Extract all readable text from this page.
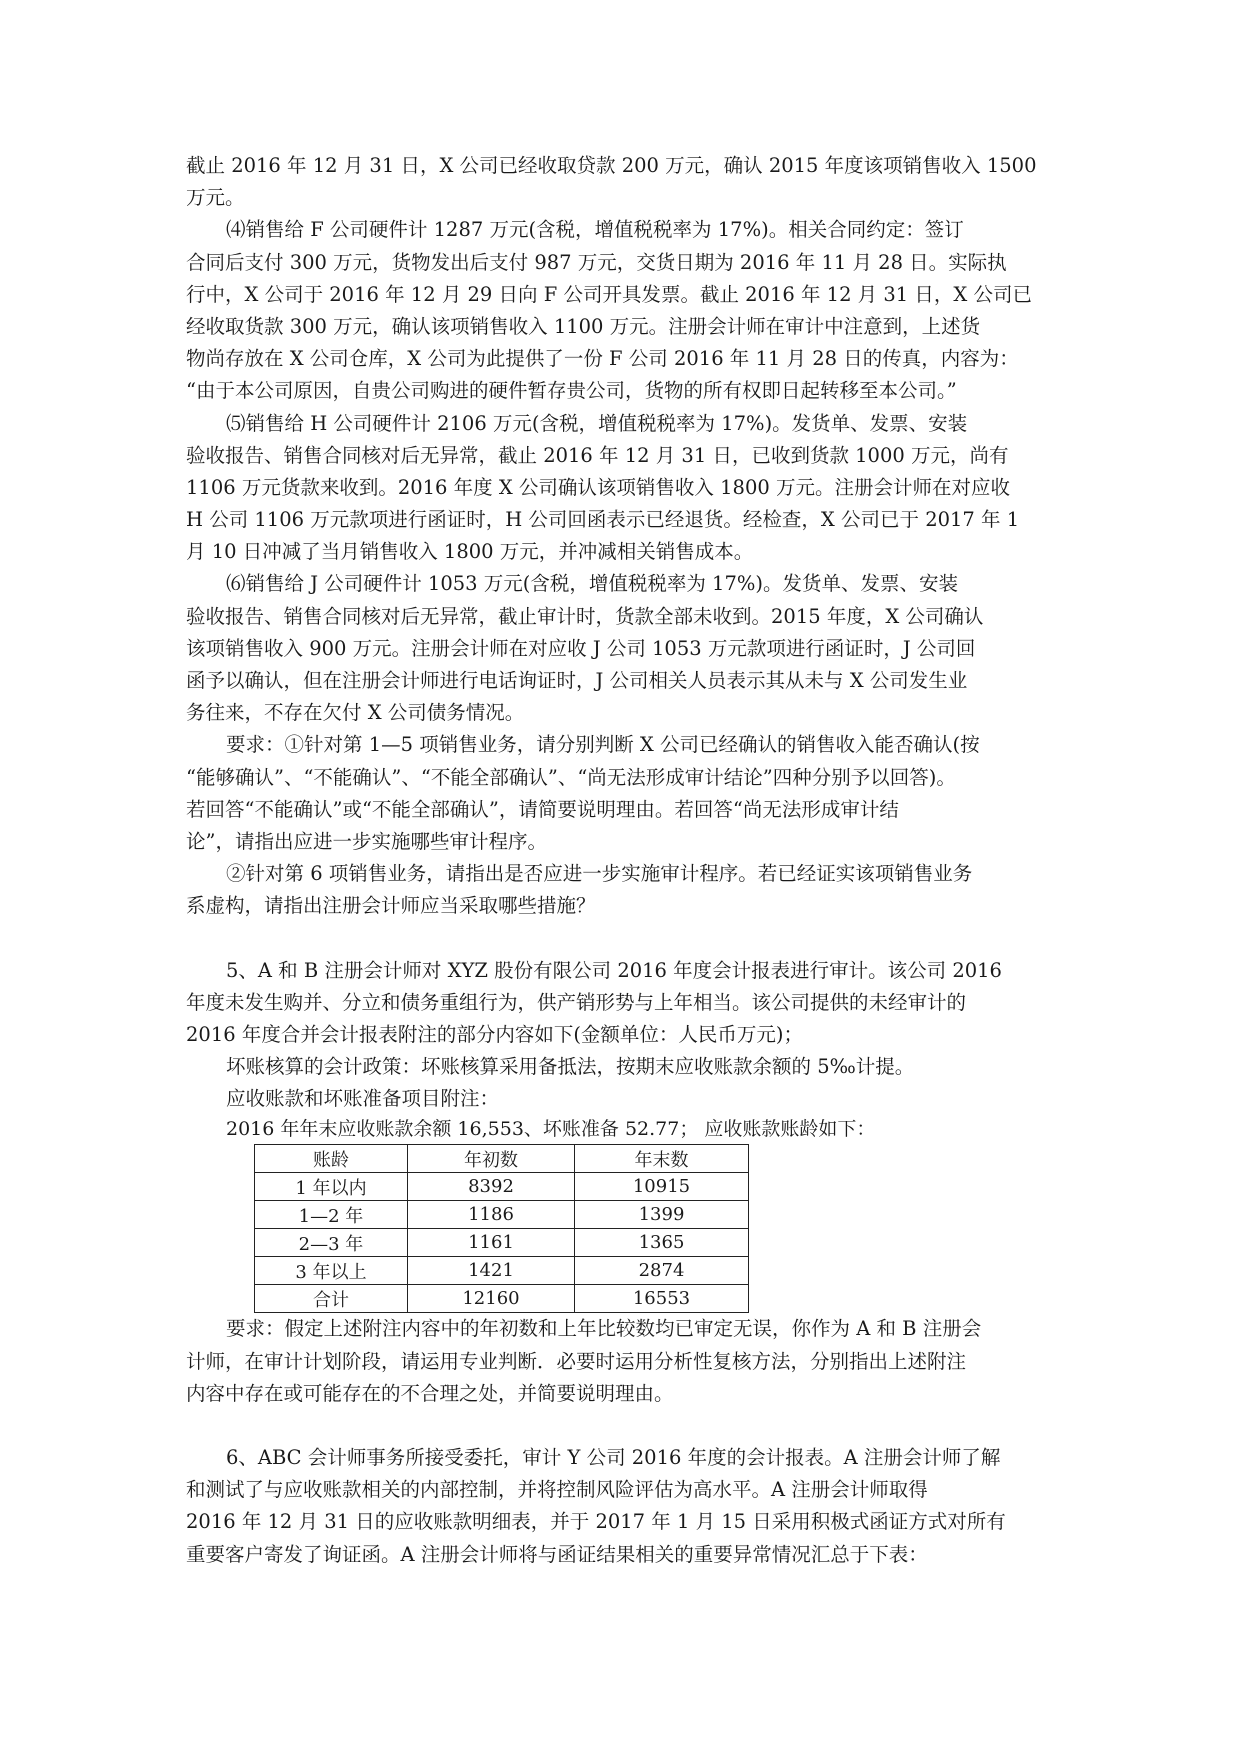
截止 2016 年 12 月 31 日，X 公司已经收取贷款 200 万元，确认 2015 年度该项销售收入 1500
万元。
⑷销售给 F 公司硬件计 1287 万元(含税，增值税税率为 17%)。相关合同约定：签订
合同后支付 300 万元，货物发出后支付 987 万元，交货日期为 2016 年 11 月 28 日。实际执
行中，X 公司于 2016 年 12 月 29 日向 F 公司开具发票。截止 2016 年 12 月 31 日，X 公司已
经收取货款 300 万元，确认该项销售收入 1100 万元。注册会计师在审计中注意到，上述货
物尚存放在 X 公司仓库，X 公司为此提供了一份 F 公司 2016 年 11 月 28 日的传真，内容为：
“由于本公司原因，自贵公司购进的硬件暂存贵公司，货物的所有权即日起转移至本公司。”
⑸销售给 H 公司硬件计 2106 万元(含税，增值税税率为 17%)。发货单、发票、安装
验收报告、销售合同核对后无异常，截止 2016 年 12 月 31 日，已收到货款 1000 万元，尚有
1106 万元货款来收到。2016 年度 X 公司确认该项销售收入 1800 万元。注册会计师在对应收
H 公司 1106 万元款项进行函证时，H 公司回函表示已经退货。经检查，X 公司已于 2017 年 1
月 10 日冲减了当月销售收入 1800 万元，并冲减相关销售成本。
⑹销售给 J 公司硬件计 1053 万元(含税，增值税税率为 17%)。发货单、发票、安装
验收报告、销售合同核对后无异常，截止审计时，货款全部未收到。2015 年度，X 公司确认
该项销售收入 900 万元。注册会计师在对应收 J 公司 1053 万元款项进行函证时，J 公司回
函予以确认，但在注册会计师进行电话询证时，J 公司相关人员表示其从未与 X 公司发生业
务往来，不存在欠付 X 公司债务情况。
要求：①针对第 1—5 项销售业务，请分别判断 X 公司已经确认的销售收入能否确认(按
“能够确认”、“不能确认”、“不能全部确认”、“尚无法形成审计结论”四种分别予以回答)。
若回答“不能确认”或“不能全部确认”，请简要说明理由。若回答“尚无法形成审计结
论”，请指出应进一步实施哪些审计程序。
②针对第 6 项销售业务，请指出是否应进一步实施审计程序。若已经证实该项销售业务
系虚构，请指出注册会计师应当采取哪些措施？
5、A 和 B 注册会计师对 XYZ 股份有限公司 2016 年度会计报表进行审计。该公司 2016
年度未发生购并、分立和债务重组行为，供产销形势与上年相当。该公司提供的未经审计的
2016 年度合并会计报表附注的部分内容如下(金额单位：人民币万元)；
坏账核算的会计政策：坏账核算采用备抵法，按期末应收账款余额的 5‰计提。
应收账款和坏账准备项目附注：
2016 年年末应收账款余额 16,553、坏账准备 52.77； 应收账款账龄如下：
账龄	年初数	年末数
1 年以内	8392	10915
1—2 年	1186	1399
2—3 年	1161	1365
3 年以上	1421	2874
合计	12160	16553
要求：假定上述附注内容中的年初数和上年比较数均已审定无误，你作为 A 和 B 注册会
计师，在审计计划阶段，请运用专业判断．必要时运用分析性复核方法，分别指出上述附注
内容中存在或可能存在的不合理之处，并简要说明理由。
6、ABC 会计师事务所接受委托，审计 Y 公司 2016 年度的会计报表。A 注册会计师了解
和测试了与应收账款相关的内部控制，并将控制风险评估为高水平。A 注册会计师取得
2016 年 12 月 31 日的应收账款明细表，并于 2017 年 1 月 15 日采用积极式函证方式对所有
重要客户寄发了询证函。A 注册会计师将与函证结果相关的重要异常情况汇总于下表：
